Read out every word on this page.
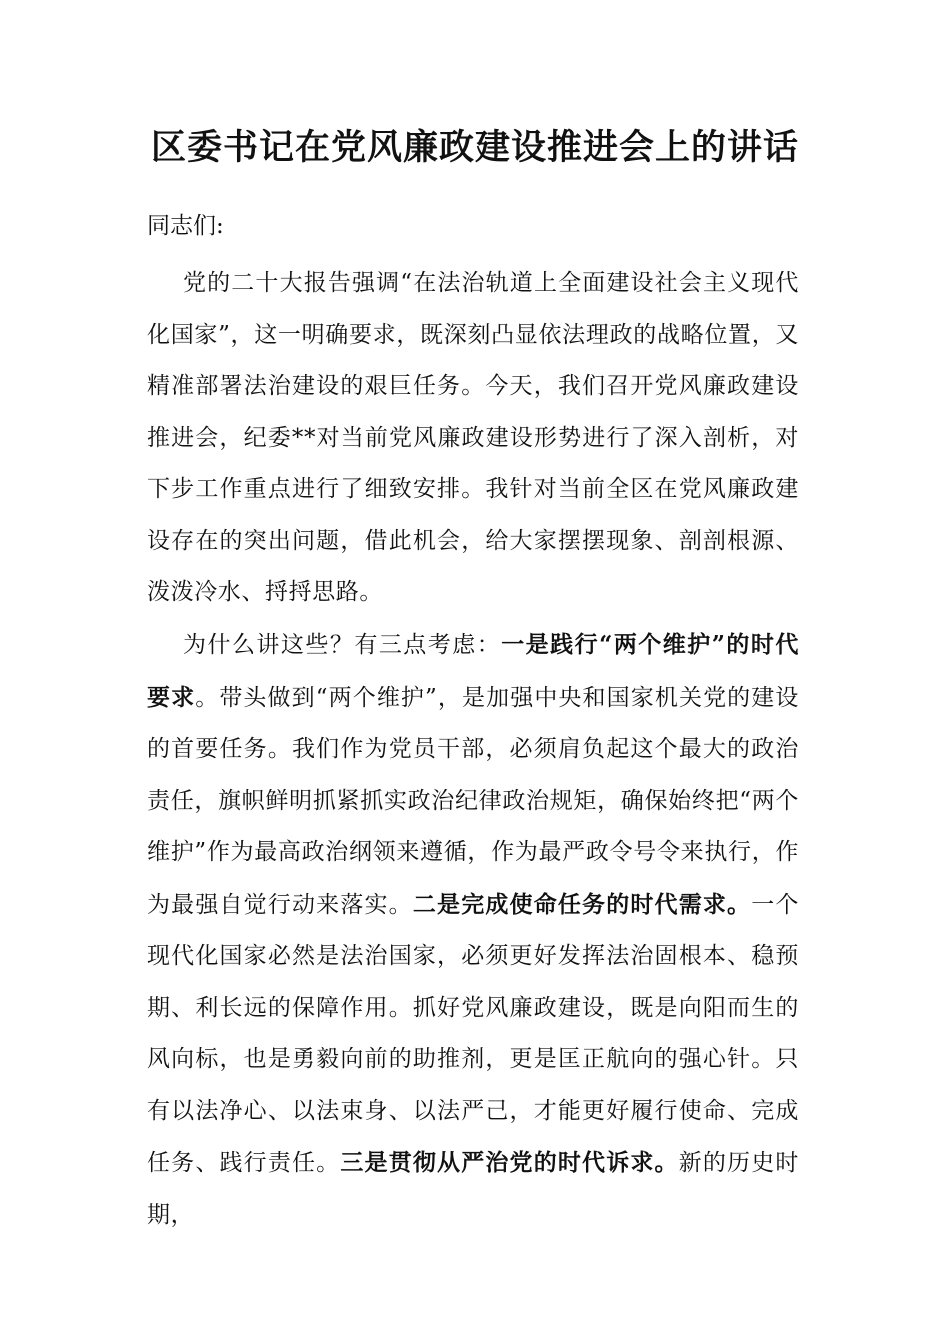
区委书记在党风廉政建设推进会上的讲话
同志们:

党的二十大报告强调“在法治轨道上全面建设社会主义现代化国家”，这一明确要求，既深刻凸显依法理政的战略位置，又精准部署法治建设的艰巨任务。今天，我们召开党风廉政建设推进会，纪委**对当前党风廉政建设形势进行了深入剖析，对下步工作重点进行了细致安排。我针对当前全区在党风廉政建设存在的突出问题，借此机会，给大家摆摆现象、剖剖根源、泼泼冷水、捋捋思路。

为什么讲这些？有三点考虑：一是践行“两个维护”的时代要求。带头做到“两个维护”，是加强中央和国家机关党的建设的首要任务。我们作为党员干部，必须肩负起这个最大的政治责任，旗帜鲜明抓紧抓实政治纪律政治规矩，确保始终把“两个维护”作为最高政治纲领来遵循，作为最严政令号令来执行，作为最强自觉行动来落实。二是完成使命任务的时代需求。一个现代化国家必然是法治国家，必须更好发挥法治固根本、稳预期、利长远的保障作用。抓好党风廉政建设，既是向阳而生的风向标，也是勇毅向前的助推剂，更是匡正航向的强心针。只有以法净心、以法束身、以法严己，才能更好履行使命、完成任务、践行责任。三是贯彻从严治党的时代诉求。新的历史时期，
